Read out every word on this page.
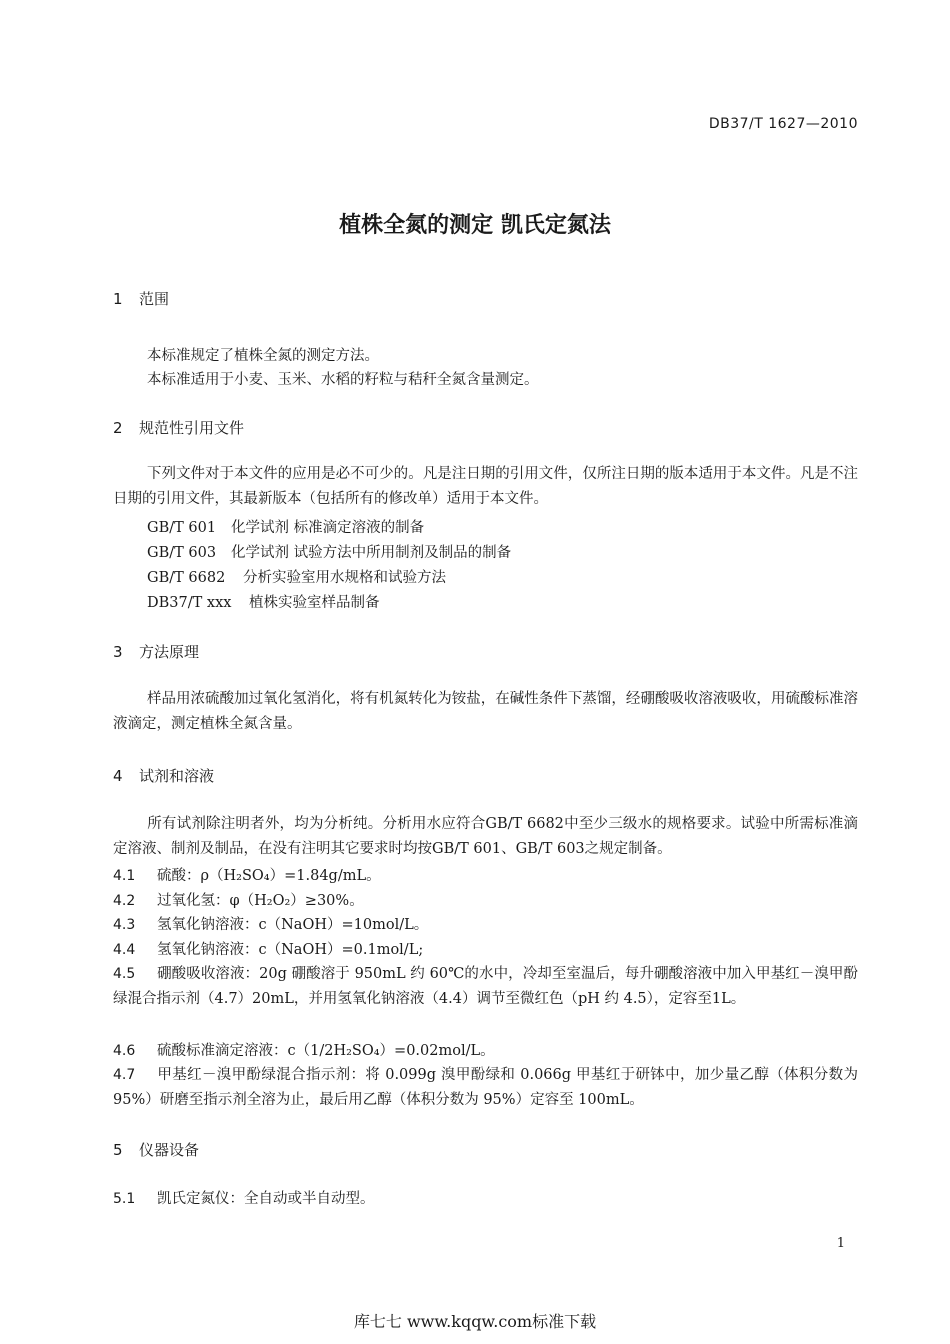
DB37/T 1627—2010
植株全氮的测定 凯氏定氮法
1 范围
本标准规定了植株全氮的测定方法。
本标准适用于小麦、玉米、水稻的籽粒与秸秆全氮含量测定。
2 规范性引用文件
下列文件对于本文件的应用是必不可少的。凡是注日期的引用文件，仅所注日期的版本适用于本文件。凡是不注日期的引用文件，其最新版本（包括所有的修改单）适用于本文件。
GB/T 601 化学试剂 标准滴定溶液的制备
GB/T 603 化学试剂 试验方法中所用制剂及制品的制备
GB/T 6682 分析实验室用水规格和试验方法
DB37/T xxx 植株实验室样品制备
3 方法原理
样品用浓硫酸加过氧化氢消化，将有机氮转化为铵盐，在碱性条件下蒸馏，经硼酸吸收溶液吸收，用硫酸标准溶液滴定，测定植株全氮含量。
4 试剂和溶液
所有试剂除注明者外，均为分析纯。分析用水应符合GB/T 6682中至少三级水的规格要求。试验中所需标准滴定溶液、制剂及制品，在没有注明其它要求时均按GB/T 601、GB/T 603之规定制备。
4.1 硫酸：ρ（H₂SO₄）=1.84g/mL。
4.2 过氧化氢：φ（H₂O₂）≥30%。
4.3 氢氧化钠溶液：c（NaOH）=10mol/L。
4.4 氢氧化钠溶液：c（NaOH）=0.1mol/L;
4.5 硼酸吸收溶液：20g 硼酸溶于 950mL 约 60℃的水中，冷却至室温后，每升硼酸溶液中加入甲基红－溴甲酚绿混合指示剂（4.7）20mL，并用氢氧化钠溶液（4.4）调节至微红色（pH 约 4.5），定容至1L。
4.6 硫酸标准滴定溶液：c（1/2H₂SO₄）=0.02mol/L。
4.7 甲基红－溴甲酚绿混合指示剂：将 0.099g 溴甲酚绿和 0.066g 甲基红于研钵中，加少量乙醇（体积分数为 95%）研磨至指示剂全溶为止，最后用乙醇（体积分数为 95%）定容至 100mL。
5 仪器设备
5.1 凯氏定氮仪：全自动或半自动型。
1
库七七 www.kqqw.com标准下载
